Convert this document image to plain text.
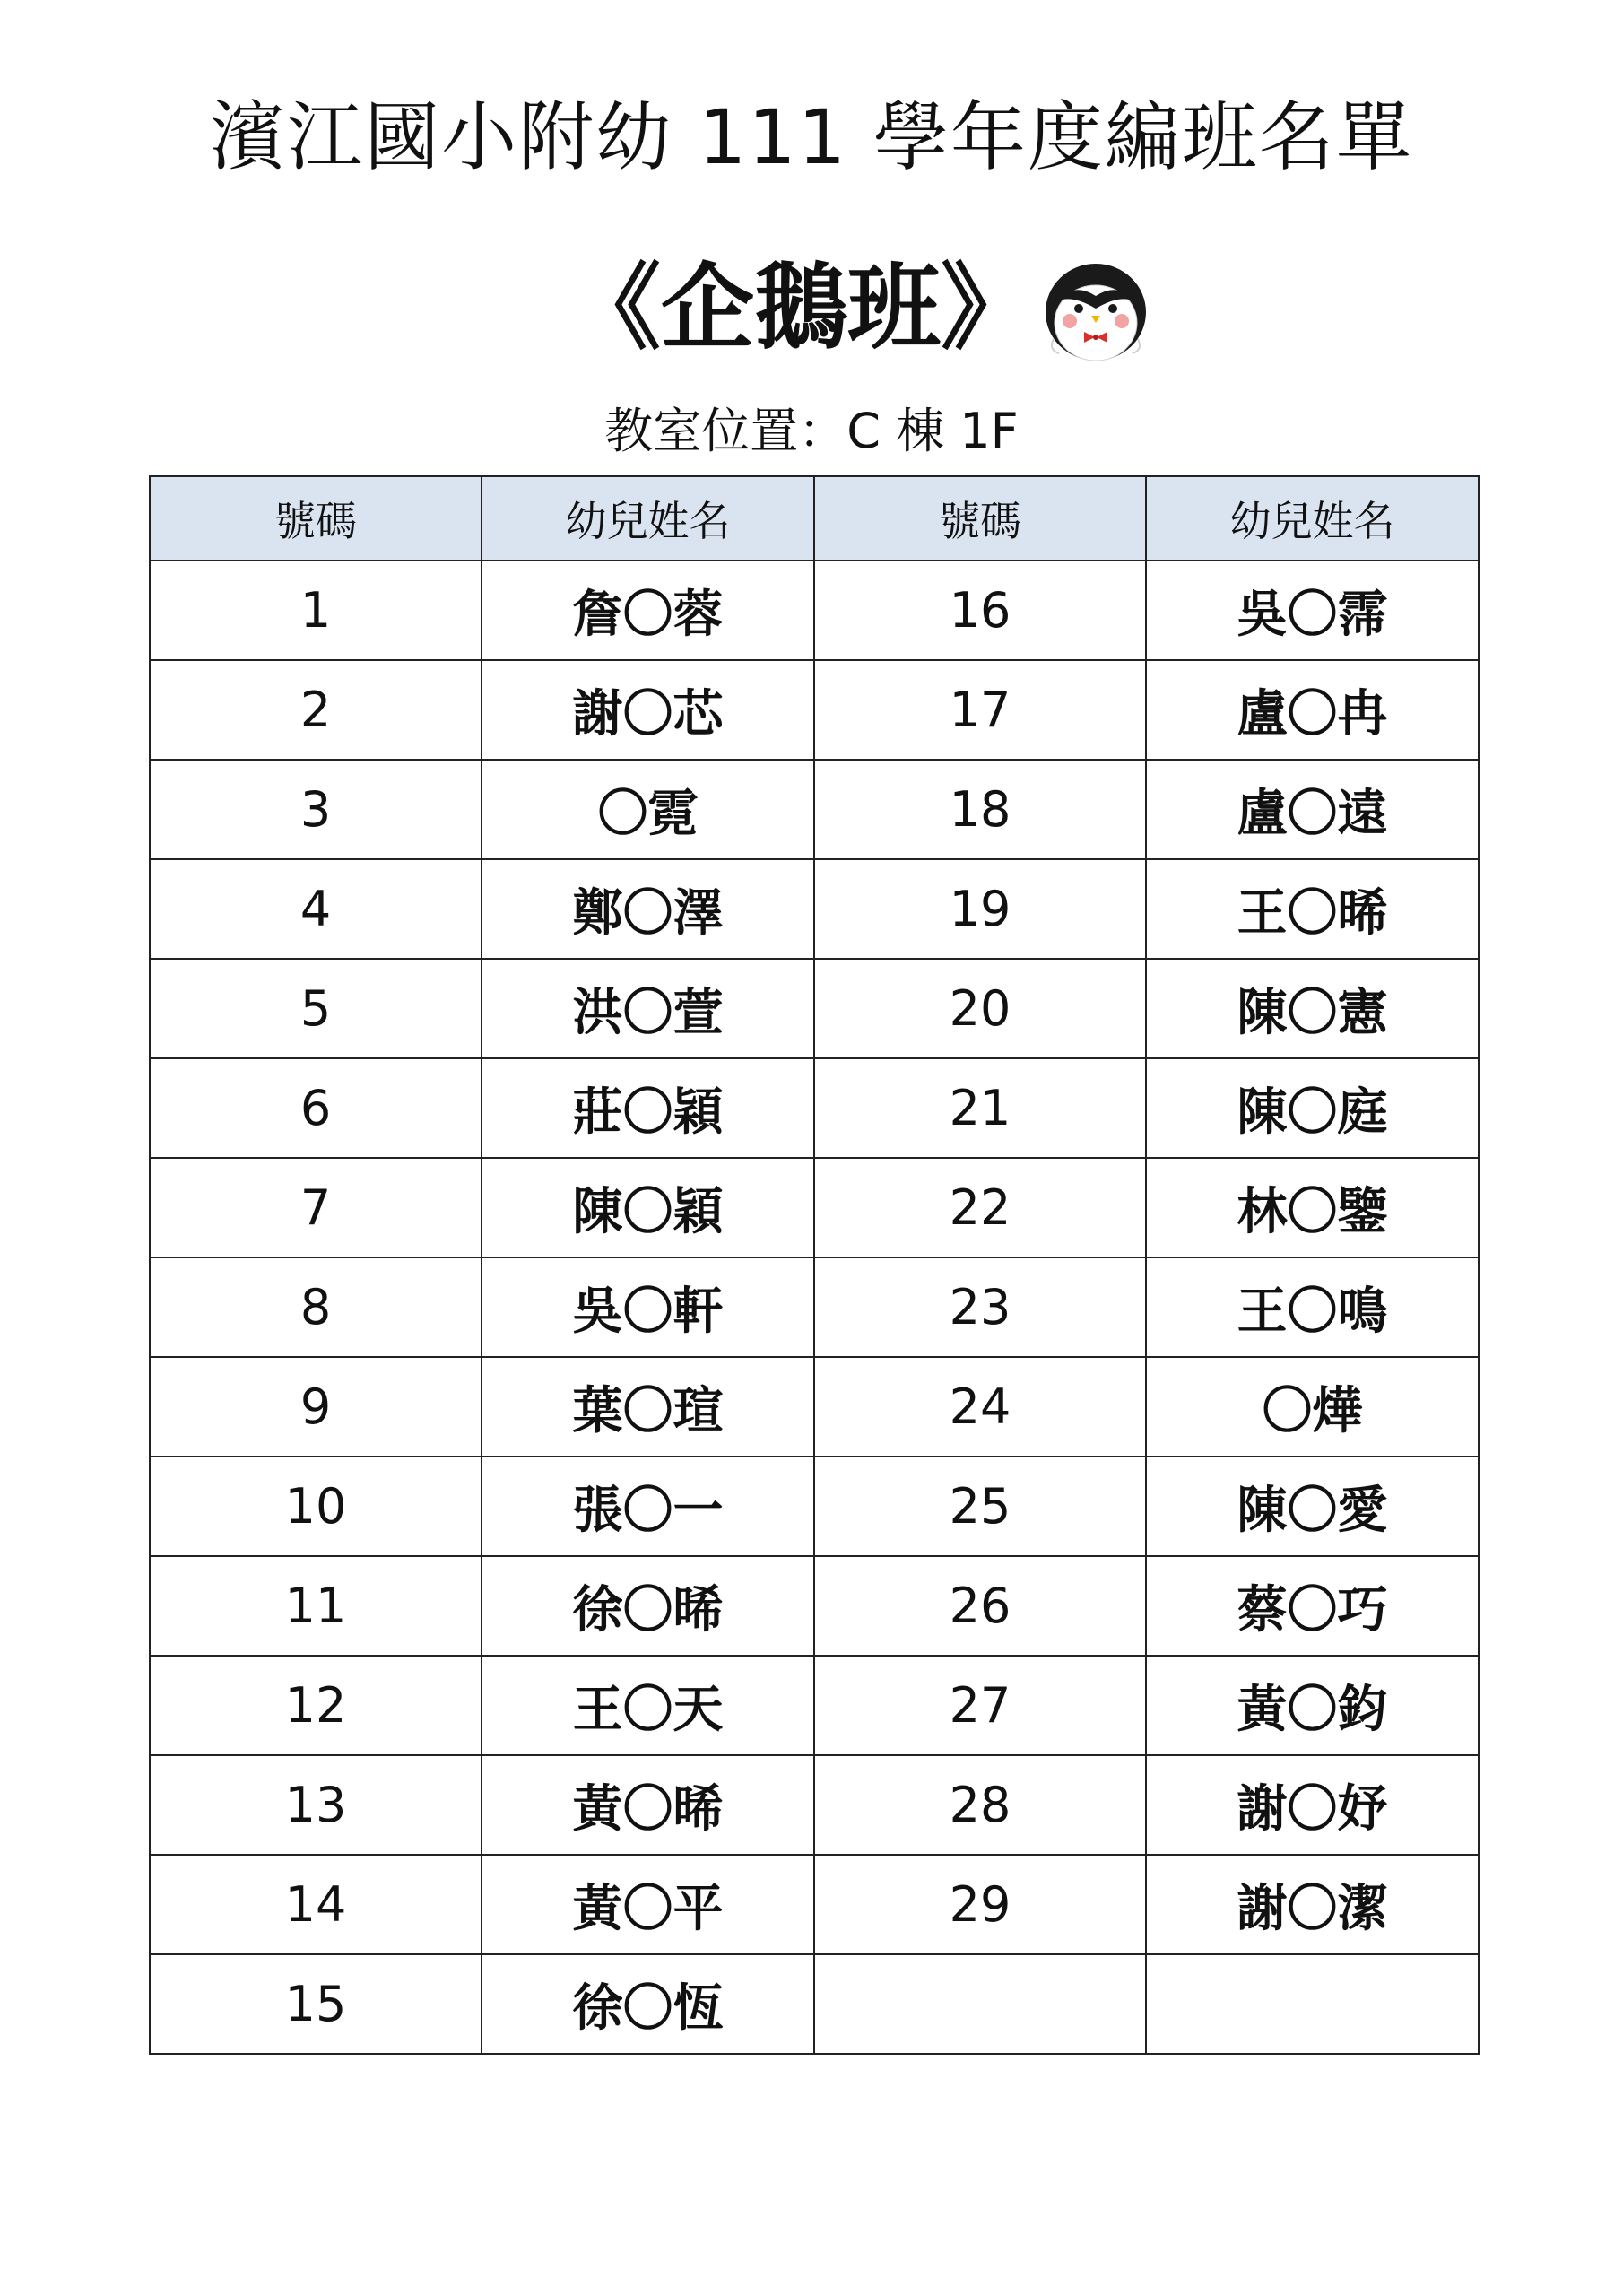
濱江國小附幼 111 學年度編班名單
《企鵝班》
教室位置：C 棟 1F
號碼	幼兒姓名	號碼	幼兒姓名
1	詹〇蓉	16	吳〇霈
2	謝〇芯	17	盧〇冉
3	〇霓	18	盧〇遠
4	鄭〇澤	19	王〇晞
5	洪〇萱	20	陳〇憲
6	莊〇穎	21	陳〇庭
7	陳〇穎	22	林〇鑒
8	吳〇軒	23	王〇鳴
9	葉〇瑄	24	〇燁
10	張〇一	25	陳〇愛
11	徐〇晞	26	蔡〇巧
12	王〇天	27	黃〇鈞
13	黃〇晞	28	謝〇妤
14	黃〇平	29	謝〇潔
15	徐〇恆		
